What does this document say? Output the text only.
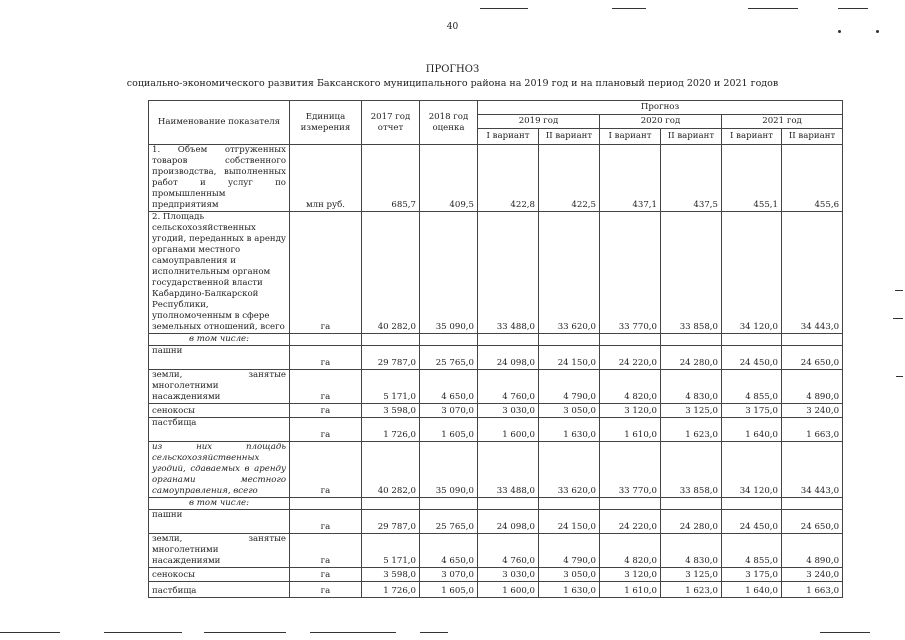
40
ПРОГНОЗ
социально-экономического развития Баксанского муниципального района на 2019 год и на плановый период 2020 и 2021 годов
Наименование показателя	Единица измерения	2017 год отчет	2018 год оценка	Прогноз					
				2019 год		2020 год		2021 год	
				I вариант	II вариант	I вариант	II вариант	I вариант	II вариант
1. Объем отгруженных товаров собственного производства, выполненных работ и услуг по промышленным предприятиям	млн руб.	685,7	409,5	422,8	422,5	437,1	437,5	455,1	455,6
2. Площадь сельскохозяйственных угодий, переданных в аренду органами местного самоуправления и исполнительным органом государственной власти Кабардино-Балкарской Республики, уполномоченным в сфере земельных отношений, всего	га	40 282,0	35 090,0	33 488,0	33 620,0	33 770,0	33 858,0	34 120,0	34 443,0
в том числе:									
пашни	га	29 787,0	25 765,0	24 098,0	24 150,0	24 220,0	24 280,0	24 450,0	24 650,0
земли, занятые многолетними насаждениями	га	5 171,0	4 650,0	4 760,0	4 790,0	4 820,0	4 830,0	4 855,0	4 890,0
сенокосы	га	3 598,0	3 070,0	3 030,0	3 050,0	3 120,0	3 125,0	3 175,0	3 240,0
пастбища	га	1 726,0	1 605,0	1 600,0	1 630,0	1 610,0	1 623,0	1 640,0	1 663,0
из них площадь сельскохозяйственных угодий, сдаваемых в аренду органами местного самоуправления, всего	га	40 282,0	35 090,0	33 488,0	33 620,0	33 770,0	33 858,0	34 120,0	34 443,0
в том числе:									
пашни	га	29 787,0	25 765,0	24 098,0	24 150,0	24 220,0	24 280,0	24 450,0	24 650,0
земли, занятые многолетними насаждениями	га	5 171,0	4 650,0	4 760,0	4 790,0	4 820,0	4 830,0	4 855,0	4 890,0
сенокосы	га	3 598,0	3 070,0	3 030,0	3 050,0	3 120,0	3 125,0	3 175,0	3 240,0
пастбища	га	1 726,0	1 605,0	1 600,0	1 630,0	1 610,0	1 623,0	1 640,0	1 663,0
